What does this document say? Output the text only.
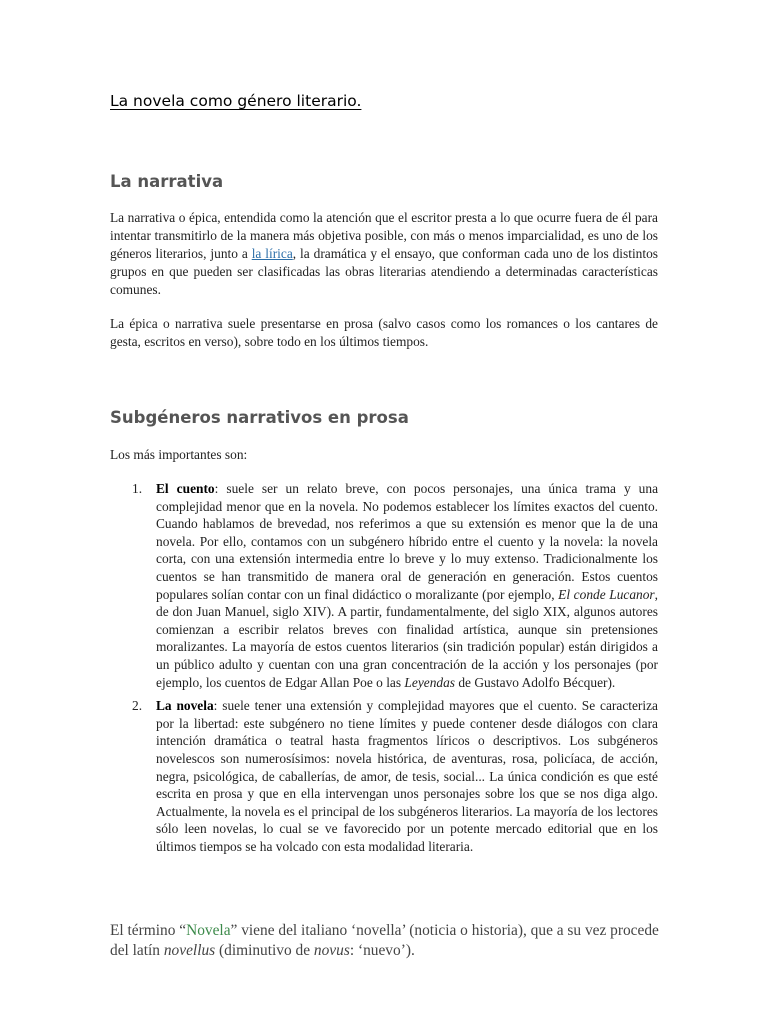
La novela como género literario.
La narrativa

La narrativa o épica, entendida como la atención que el escritor presta a lo que ocurre fuera de él para intentar transmitirlo de la manera más objetiva posible, con más o menos imparcialidad, es uno de los géneros literarios, junto a la lírica, la dramática y el ensayo, que conforman cada uno de los distintos grupos en que pueden ser clasificadas las obras literarias atendiendo a determinadas características comunes.

La épica o narrativa suele presentarse en prosa (salvo casos como los romances o los cantares de gesta, escritos en verso), sobre todo en los últimos tiempos.

Subgéneros narrativos en prosa

Los más importantes son:

1. El cuento: suele ser un relato breve, con pocos personajes, una única trama y una complejidad menor que en la novela. No podemos establecer los límites exactos del cuento. Cuando hablamos de brevedad, nos referimos a que su extensión es menor que la de una novela. Por ello, contamos con un subgénero híbrido entre el cuento y la novela: la novela corta, con una extensión intermedia entre lo breve y lo muy extenso. Tradicionalmente los cuentos se han transmitido de manera oral de generación en generación. Estos cuentos populares solían contar con un final didáctico o moralizante (por ejemplo, El conde Lucanor, de don Juan Manuel, siglo XIV). A partir, fundamentalmente, del siglo XIX, algunos autores comienzan a escribir relatos breves con finalidad artística, aunque sin pretensiones moralizantes. La mayoría de estos cuentos literarios (sin tradición popular) están dirigidos a un público adulto y cuentan con una gran concentración de la acción y los personajes (por ejemplo, los cuentos de Edgar Allan Poe o las Leyendas de Gustavo Adolfo Bécquer).
2. La novela: suele tener una extensión y complejidad mayores que el cuento. Se caracteriza por la libertad: este subgénero no tiene límites y puede contener desde diálogos con clara intención dramática o teatral hasta fragmentos líricos o descriptivos. Los subgéneros novelescos son numerosísimos: novela histórica, de aventuras, rosa, policíaca, de acción, negra, psicológica, de caballerías, de amor, de tesis, social... La única condición es que esté escrita en prosa y que en ella intervengan unos personajes sobre los que se nos diga algo. Actualmente, la novela es el principal de los subgéneros literarios. La mayoría de los lectores sólo leen novelas, lo cual se ve favorecido por un potente mercado editorial que en los últimos tiempos se ha volcado con esta modalidad literaria.

El término “Novela” viene del italiano ‘novella’ (noticia o historia), que a su vez procede del latín novellus (diminutivo de novus: ‘nuevo’).
